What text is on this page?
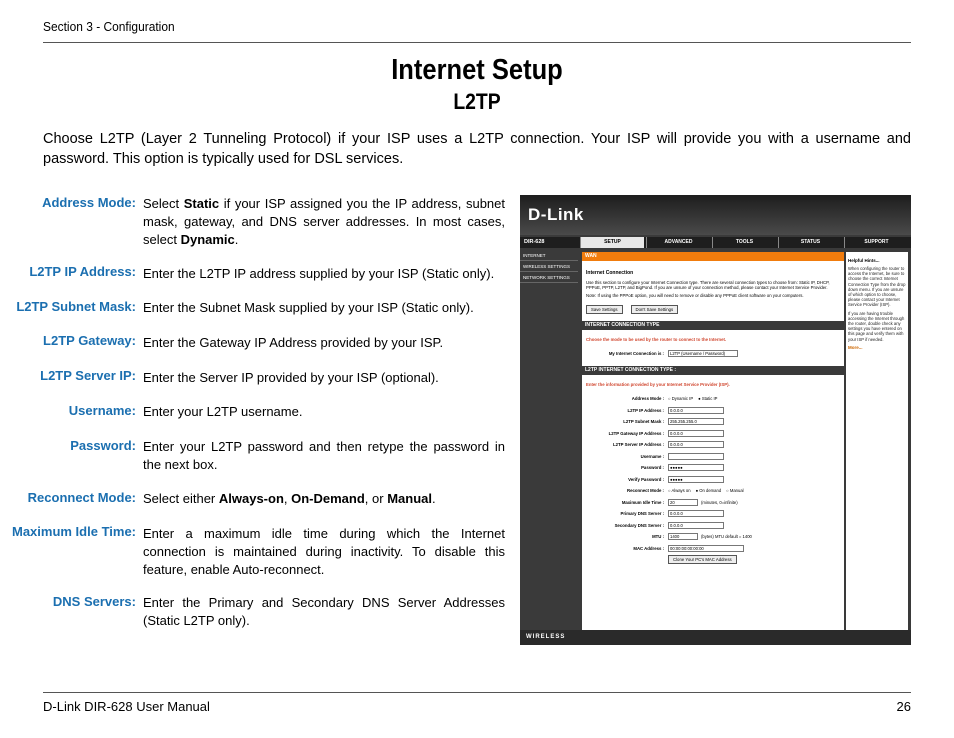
Section 3 - Configuration
Internet Setup
L2TP
Choose L2TP (Layer 2 Tunneling Protocol) if your ISP uses a L2TP connection. Your ISP will provide you with a username and password. This option is typically used for DSL services.
Address Mode: Select Static if your ISP assigned you the IP address, subnet mask, gateway, and DNS server addresses. In most cases, select Dynamic.
L2TP IP Address: Enter the L2TP IP address supplied by your ISP (Static only).
L2TP Subnet Mask: Enter the Subnet Mask supplied by your ISP (Static only).
L2TP Gateway: Enter the Gateway IP Address provided by your ISP.
L2TP Server IP: Enter the Server IP provided by your ISP (optional).
Username: Enter your L2TP username.
Password: Enter your L2TP password and then retype the password in the next box.
Reconnect Mode: Select either Always-on, On-Demand, or Manual.
Maximum Idle Time: Enter a maximum idle time during which the Internet connection is maintained during inactivity. To disable this feature, enable Auto-reconnect.
DNS Servers: Enter the Primary and Secondary DNS Server Addresses (Static L2TP only).
D-Link
DIR-628	SETUP	ADVANCED	TOOLS	STATUS	SUPPORT
INTERNET
WIRELESS SETTINGS
NETWORK SETTINGS
WAN
Internet Connection
Use this section to configure your Internet Connection type. There are several connection types to choose from: Static IP, DHCP, PPPoE, PPTP, L2TP, and BigPond. If you are unsure of your connection method, please contact your Internet Service Provider.
Note: If using the PPPoE option, you will need to remove or disable any PPPoE client software on your computers.
Save Settings	Don't Save Settings
INTERNET CONNECTION TYPE
Choose the mode to be used by the router to connect to the Internet.
My Internet Connection is :	L2TP (Username / Password)
L2TP INTERNET CONNECTION TYPE :
Enter the information provided by your Internet Service Provider (ISP).
Address Mode : ○ Dynamic IP ● Static IP
L2TP IP Address :	0.0.0.0
L2TP Subnet Mask :	255.255.255.0
L2TP Gateway IP Address :	0.0.0.0
L2TP Server IP Address :	0.0.0.0
Username :
Password :	●●●●●
Verify Password :	●●●●●
Reconnect Mode : ○ Always on ● On demand ○ Manual
Maximum Idle Time :	20	(minutes, 0=infinite)
Primary DNS Server :	0.0.0.0
Secondary DNS Server :	0.0.0.0
MTU :	1400	(bytes) MTU default = 1400
MAC Address :	00:00:00:00:00:00
Clone Your PC's MAC Address
Helpful Hints...
When configuring the router to access the Internet, be sure to choose the correct Internet Connection Type from the drop down menu. If you are unsure of which option to choose, please contact your Internet Service Provider (ISP).
If you are having trouble accessing the Internet through the router, double check any settings you have entered on this page and verify them with your ISP if needed.
More...
WIRELESS
D-Link DIR-628 User Manual	26
